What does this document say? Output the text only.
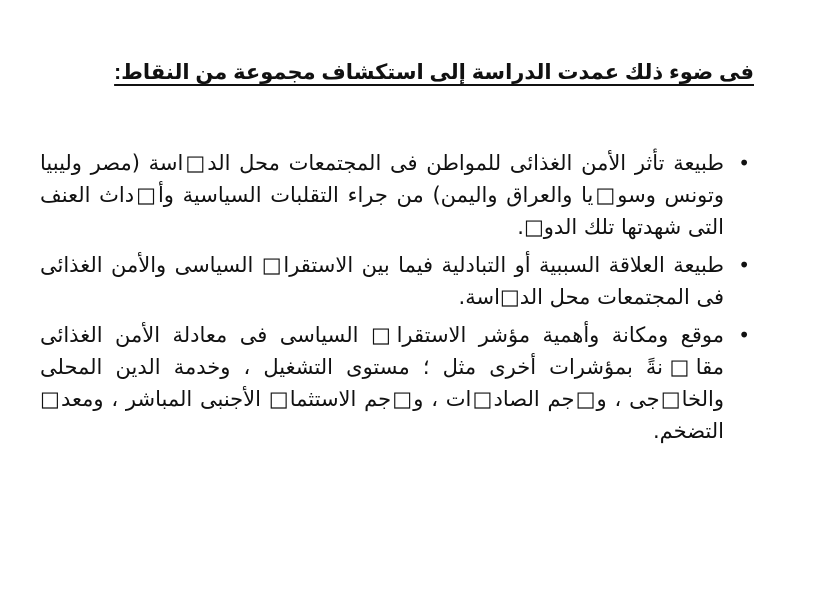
فى ضوء ذلك عمدت الدراسة إلى استكشاف مجموعة من النقاط:
•
طبيعة تأثر الأمن الغذائى للمواطن فى المجتمعات محل الد□اسة (مصر وليبيا وتونس وسو□يا والعراق واليمن) من جراء التقلبات السياسية وأ□داث العنف التى شهدتها تلك الدو□.
•
طبيعة العلاقة السببية أو التبادلية فيما بين الاستقرا□ السياسى والأمن الغذائى فى المجتمعات محل الد□اسة.
•
موقع ومكانة وأهمية مؤشر الاستقرا□ السياسى فى معادلة الأمن الغذائى مقا□نةً بمؤشرات أخرى مثل ؛ مستوى التشغيل ، وخدمة الدين المحلى والخا□جى ، و□جم الصاد□ات ، و□جم الاستثما□ الأجنبى المباشر ، ومعد□ التضخم.
